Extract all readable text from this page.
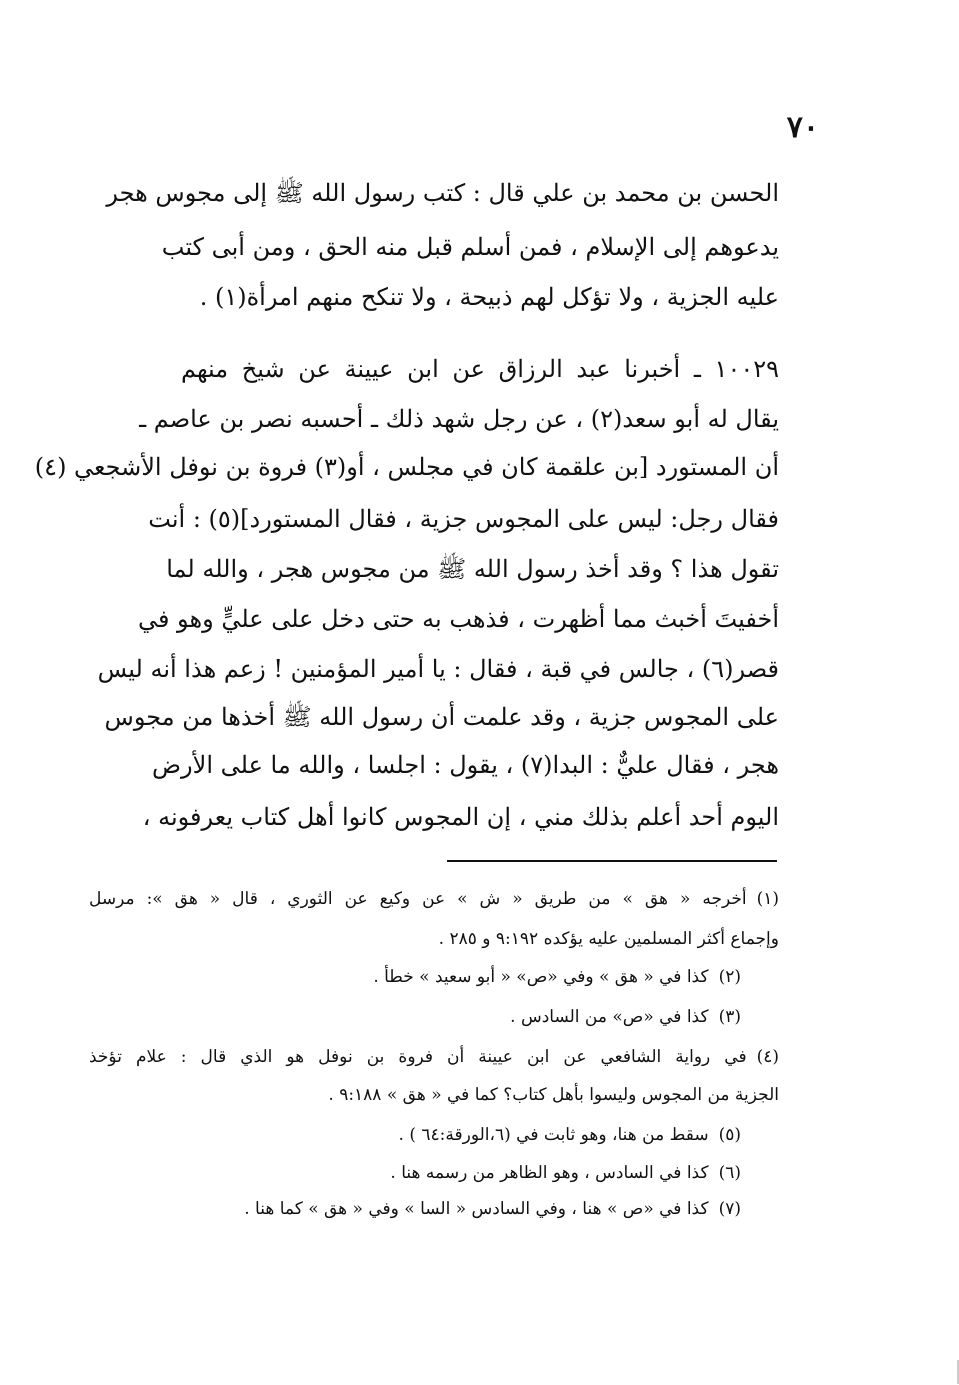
٧٠
الحسن بن محمد بن علي قال : كتب رسول الله ﷺ إلى مجوس هجر
يدعوهم إلى الإسلام ، فمن أسلم قبل منه الحق ، ومن أبى كتب
عليه الجزية ، ولا تؤكل لهم ذبيحة ، ولا تنكح منهم امرأة(١) .
١٠٠٢٩ ـ أخبرنا عبد الرزاق عن ابن عيينة عن شيخ منهم
يقال له أبو سعد(٢) ، عن رجل شهد ذلك ـ أحسبه نصر بن عاصم ـ
أن المستورد [بن علقمة كان في مجلس ، أو(٣) فروة بن نوفل الأشجعي (٤)
فقال رجل: ليس على المجوس جزية ، فقال المستورد](٥) : أنت
تقول هذا ؟ وقد أخذ رسول الله ﷺ من مجوس هجر ، والله لما
أخفيتَ أخبث مما أظهرت ، فذهب به حتى دخل على عليٍّ وهو في
قصر(٦) ، جالس في قبة ، فقال : يا أمير المؤمنين ! زعم هذا أنه ليس
على المجوس جزية ، وقد علمت أن رسول الله ﷺ أخذها من مجوس
هجر ، فقال عليٌّ : البدا(٧) ، يقول : اجلسا ، والله ما على الأرض
اليوم أحد أعلم بذلك مني ، إن المجوس كانوا أهل كتاب يعرفونه ،
(١)أخرجه « هق » من طريق « ش » عن وكيع عن الثوري ، قال « هق »: مرسل
وإجماع أكثر المسلمين عليه يؤكده ٩:١٩٢ و ٢٨٥ .
(٢)كذا في « هق » وفي «ص» « أبو سعيد » خطأ .
(٣)كذا في «ص» من السادس .
(٤)في رواية الشافعي عن ابن عيينة أن فروة بن نوفل هو الذي قال : علام تؤخذ
الجزية من المجوس وليسوا بأهل كتاب؟ كما في « هق » ٩:١٨٨ .
(٥)سقط من هنا، وهو ثابت في (٦،الورقة:٦٤ ) .
(٦)كذا في السادس ، وهو الظاهر من رسمه هنا .
(٧)كذا في «ص » هنا ، وفي السادس « السا » وفي « هق » كما هنا .
